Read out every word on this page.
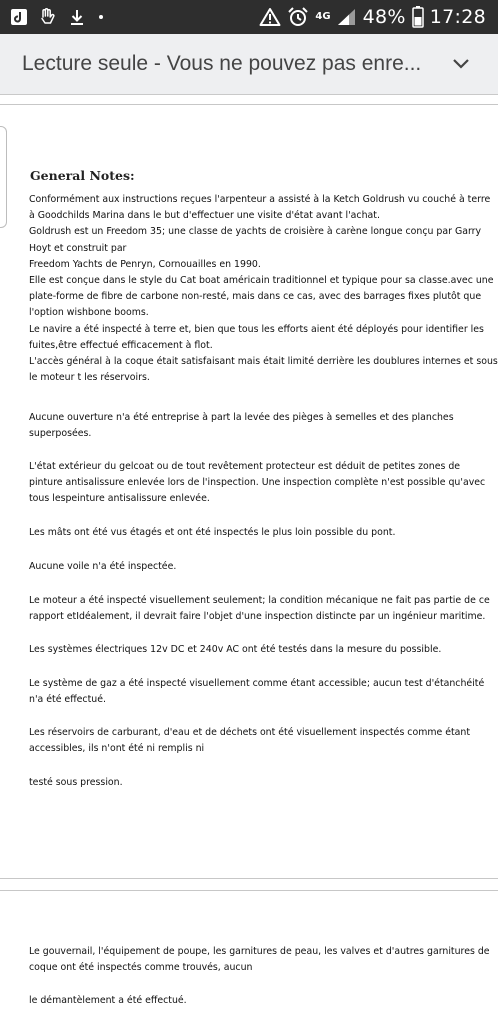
4G 48% 17:28
Lecture seule - Vous ne pouvez pas enre...
General Notes:
Conformément aux instructions reçues l'arpenteur a assisté à la Ketch Goldrush vu couché à terre
à Goodchilds Marina dans le but d'effectuer une visite d'état avant l'achat.
Goldrush est un Freedom 35; une classe de yachts de croisière à carène longue conçu par Garry
Hoyt et construit par
Freedom Yachts de Penryn, Cornouailles en 1990.
Elle est conçue dans le style du Cat boat américain traditionnel et typique pour sa classe.avec une
plate-forme de fibre de carbone non-resté, mais dans ce cas, avec des barrages fixes plutôt que
l'option wishbone booms.
Le navire a été inspecté à terre et, bien que tous les efforts aient été déployés pour identifier les
fuites,être effectué efficacement à flot.
L'accès général à la coque était satisfaisant mais était limité derrière les doublures internes et sous
le moteur t les réservoirs.
Aucune ouverture n'a été entreprise à part la levée des pièges à semelles et des planches
superposées.
L'état extérieur du gelcoat ou de tout revêtement protecteur est déduit de petites zones de
pinture antisalissure enlevée lors de l'inspection. Une inspection complète n'est possible qu'avec
tous lespeinture antisalissure enlevée.
Les mâts ont été vus étagés et ont été inspectés le plus loin possible du pont.
Aucune voile n'a été inspectée.
Le moteur a été inspecté visuellement seulement; la condition mécanique ne fait pas partie de ce
rapport etIdéalement, il devrait faire l'objet d'une inspection distincte par un ingénieur maritime.
Les systèmes électriques 12v DC et 240v AC ont été testés dans la mesure du possible.
Le système de gaz a été inspecté visuellement comme étant accessible; aucun test d'étanchéité
n'a été effectué.
Les réservoirs de carburant, d'eau et de déchets ont été visuellement inspectés comme étant
accessibles, ils n'ont été ni remplis ni
testé sous pression.
Le gouvernail, l'équipement de poupe, les garnitures de peau, les valves et d'autres garnitures de
coque ont été inspectés comme trouvés, aucun
le démantèlement a été effectué.
